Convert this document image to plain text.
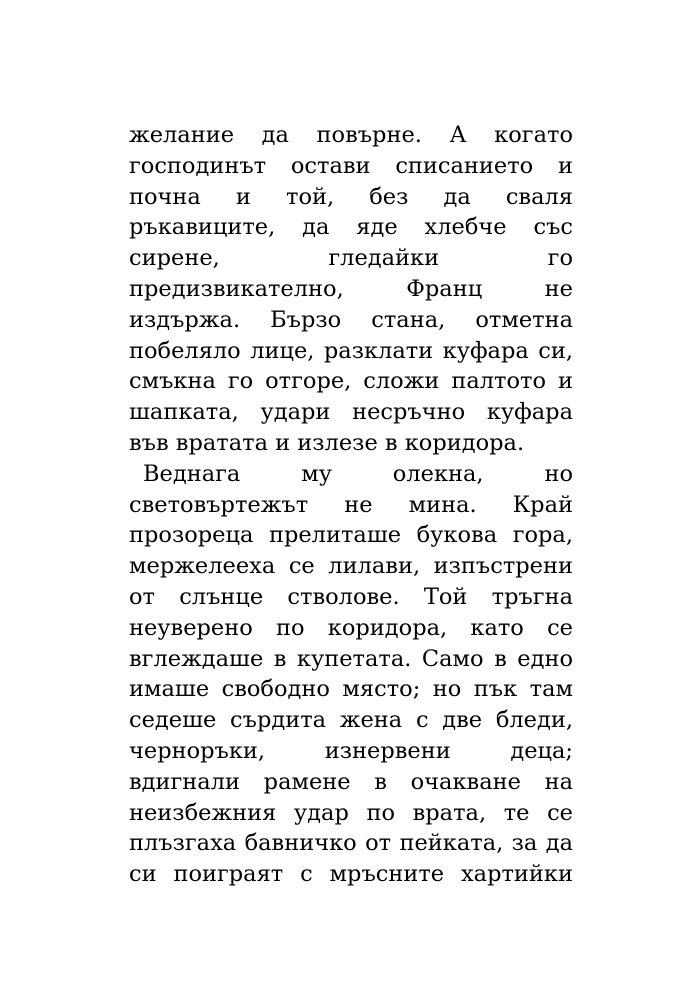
желание да повърне. А когато
господинът остави списанието и
почна и той, без да сваля
ръкавиците, да яде хлебче със
сирене, гледайки го
предизвикателно, Франц не
издържа. Бързо стана, отметна
побеляло лице, разклати куфара си,
смъкна го отгоре, сложи палтото и
шапката, удари несръчно куфара
във вратата и излезе в коридора.
Веднага му олекна, но
световъртежът не мина. Край
прозореца прелиташе букова гора,
мержелееха се лилави, изпъстрени
от слънце стволове. Той тръгна
неуверено по коридора, като се
вглеждаше в купетата. Само в едно
имаше свободно място; но пък там
седеше сърдита жена с две бледи,
черноръки, изнервени деца;
вдигнали рамене в очакване на
неизбежния удар по врата, те се
плъзгаха бавничко от пейката, за да
си поиграят с мръсните хартийки
